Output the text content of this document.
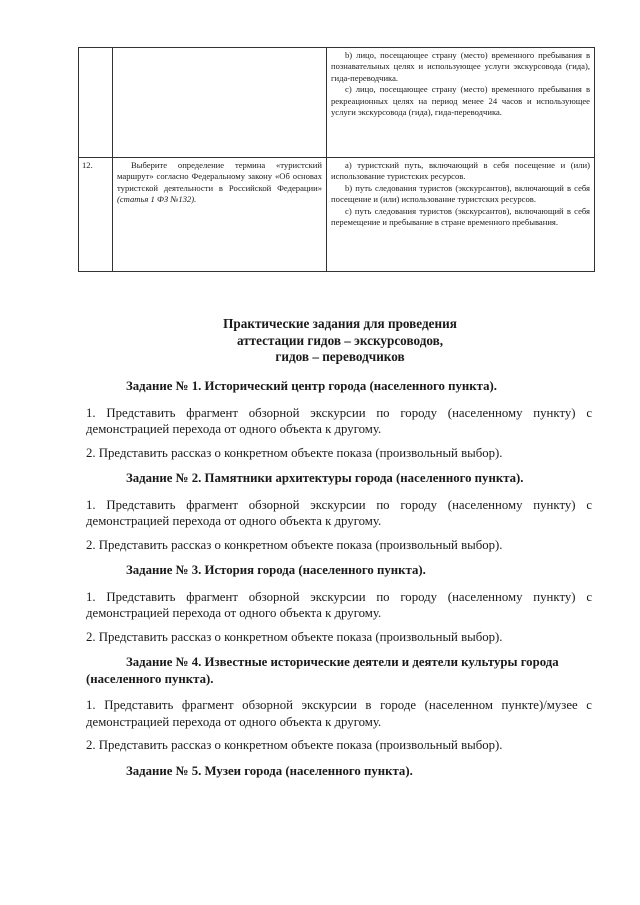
		b) лицо, посещающее страну (место) временного пребывания в познавательных целях и использующее услуги экскурсовода (гида), гида-переводчика.

c) лицо, посещающее страну (место) временного пребывания в рекреационных целях на период менее 24 часов и использующее услуги экскурсовода (гида), гида-переводчика.

12.	Выберите определение термина «туристский маршрут» согласно Федеральному закону «Об основах туристской деятельности в Российской Федерации» (статья 1 ФЗ №132).	a) туристский путь, включающий в себя посещение и (или) использование туристских ресурсов.

b) путь следования туристов (экскурсантов), включающий в себя посещение и (или) использование туристских ресурсов.

c) путь следования туристов (экскурсантов), включающий в себя перемещение и пребывание в стране временного пребывания.

Практические задания для проведения
аттестации гидов – экскурсоводов,
гидов – переводчиков

Задание № 1. Исторический центр города (населенного пункта).

1. Представить фрагмент обзорной экскурсии по городу (населенному пункту) с демонстрацией перехода от одного объекта к другому.

2. Представить рассказ о конкретном объекте показа (произвольный выбор).

Задание № 2. Памятники архитектуры города (населенного пункта).

1. Представить фрагмент обзорной экскурсии по городу (населенному пункту) с демонстрацией перехода от одного объекта к другому.

2. Представить рассказ о конкретном объекте показа (произвольный выбор).

Задание № 3. История города (населенного пункта).

1. Представить фрагмент обзорной экскурсии по городу (населенному пункту) с демонстрацией перехода от одного объекта к другому.

2. Представить рассказ о конкретном объекте показа (произвольный выбор).

Задание № 4. Известные исторические деятели и деятели культуры города (населенного пункта).

1. Представить фрагмент обзорной экскурсии в городе (населенном пункте)/музее с демонстрацией перехода от одного объекта к другому.

2. Представить рассказ о конкретном объекте показа (произвольный выбор).

Задание № 5. Музеи города (населенного пункта).
